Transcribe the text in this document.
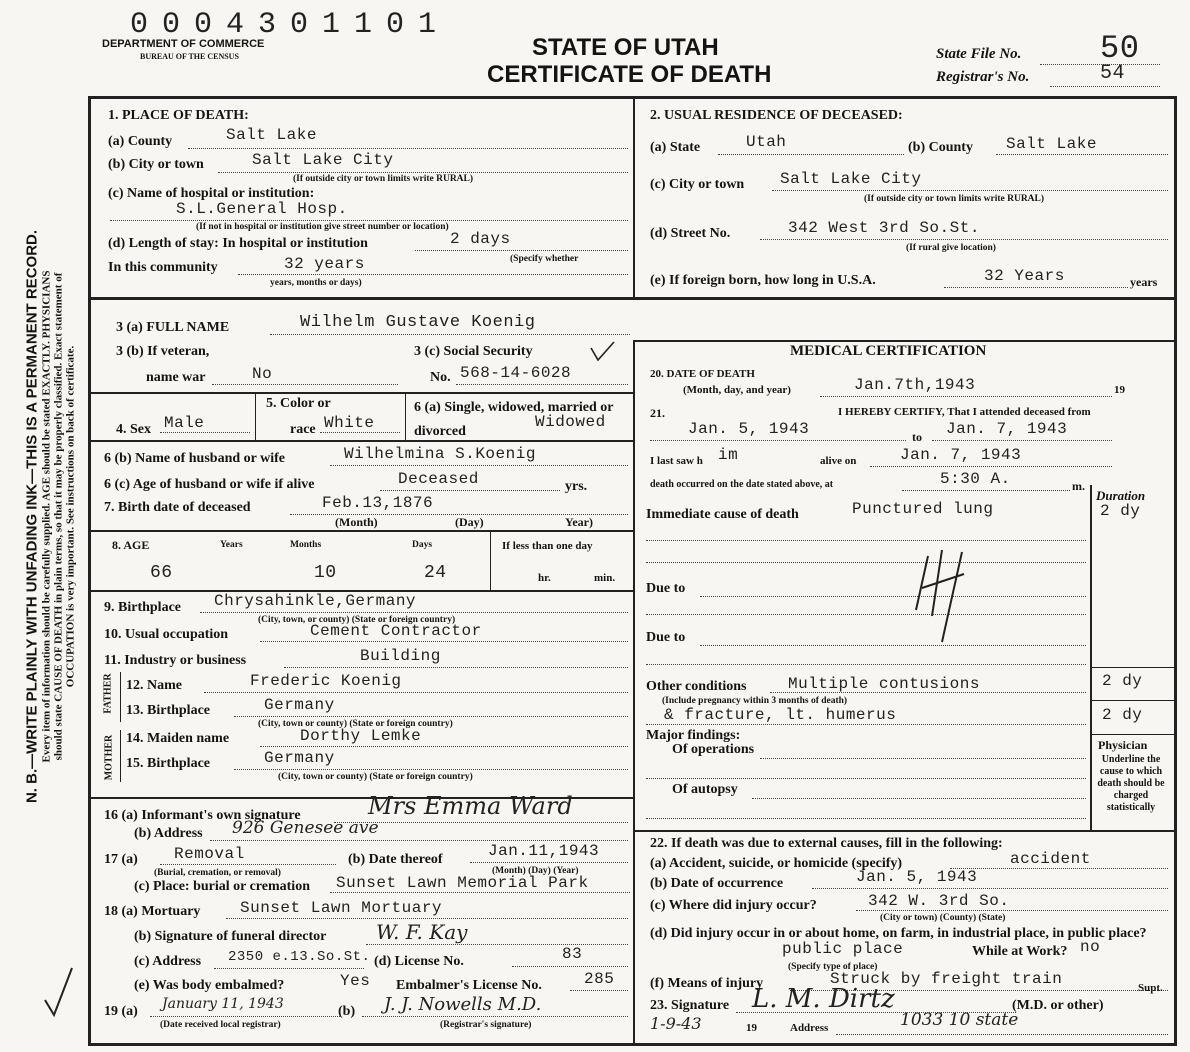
0004301101
DEPARTMENT OF COMMERCE
BUREAU OF THE CENSUS	STATE OF UTAH
CERTIFICATE OF DEATH
State File No. 50
Registrar's No.	54
N. B.—WRITE PLAINLY WITH UNFADING INK—THIS IS A PERMANENT RECORD. Every item of information should be carefully supplied. AGE should be stated EXACTLY. PHYSICIANS should state CAUSE OF DEATH in plain terms, so that it may be properly classified. Exact statement of OCCUPATION is very important. See instructions on back of certificate.
1. PLACE OF DEATH:
(a) County	Salt Lake
(b) City or town	Salt Lake City
(If outside city or town limits write RURAL)
(c) Name of hospital or institution:
S.L.General Hosp.
(If not in hospital or institution give street number or location)
(d) Length of stay: In hospital or institution	2 days
(Specify whether
In this community	32 years
years, months or days)
2. USUAL RESIDENCE OF DECEASED:
(a) State	Utah	(b) County Salt Lake
(c) City or town Salt Lake City
(If outside city or town limits write RURAL)
(d) Street No.	342 West 3rd So.St.
(If rural give location)
(e) If foreign born, how long in U.S.A.	32 Years	years
3 (a) FULL NAME	Wilhelm Gustave Koenig
3 (b) If veteran,
name war	No
3 (c) Social Security
No. 568-14-6028
4. Sex Male
5. Color or
race White
6 (a) Single, widowed, married or divorced
Widowed
6 (b) Name of husband or wife	Wilhelmina S.Koenig
6 (c) Age of husband or wife if alive	Deceased	yrs.
7. Birth date of deceased	Feb.13,1876
(Month)	(Day)	Year)
8. AGE	Years	Months	Days	If less than one day
66	10	24	hr.	min.
9. Birthplace Chrysahinkle,Germany
(City, town, or county) (State or foreign country)
10. Usual occupation	Cement Contractor
11. Industry or business	Building
FATHER
MOTHER
12. Name	Frederic Koenig
13. Birthplace	Germany
(City, town or county) (State or foreign country)
14. Maiden name	Dorthy Lemke
15. Birthplace	Germany
(City, town or county) (State or foreign country)
16 (a) Informant's own signature	Mrs Emma Ward
(b) Address 926 Genesee ave
17 (a) Removal
(Burial, cremation, or removal)
(b) Date thereof	Jan.11,1943
(Month) (Day) (Year)
(c) Place: burial or cremation Sunset Lawn Memorial Park
18 (a) Mortuary Sunset Lawn Mortuary
(b) Signature of funeral director W. F. Kay
(c) Address 2350 e.13.So.St. (d) License No.	83
(e) Was body embalmed?	Yes Embalmer's License No.	285
19 (a) January 11, 1943
(Date received local registrar)
(b) J. J. Nowells M.D.
(Registrar's signature)
MEDICAL CERTIFICATION
20. DATE OF DEATH
(Month, day, and year)	Jan.7th,1943	19
21.	I HEREBY CERTIFY, That I attended deceased from
Jan. 5, 1943	to Jan. 7, 1943
I last saw h im	alive on	Jan. 7, 1943
death occurred on the date stated above, at	5:30 A.	m.
Duration
Immediate cause of death	Punctured lung	2 dy
Due to
Due to
Other conditions	Multiple contusions	2 dy
(Include pregnancy within 3 months of death)
& fracture, lt. humerus	2 dy
Major findings:
Of operations
Of autopsy
Physician
Underline the cause to which death should be charged statistically
22. If death was due to external causes, fill in the following:
(a) Accident, suicide, or homicide (specify)	accident
(b) Date of occurrence	Jan. 5, 1943
(c) Where did injury occur?	342 W. 3rd So.
(City or town) (County) (State)
(d) Did injury occur in or about home, on farm, in industrial place, in public place?
public place
(Specify type of place)
While at Work? no
(f) Means of injury	Struck by freight train
23. Signature L. M. Dirtz	(M.D. or other)
Supt.
1-9-43	19	Address	1033 10 state
